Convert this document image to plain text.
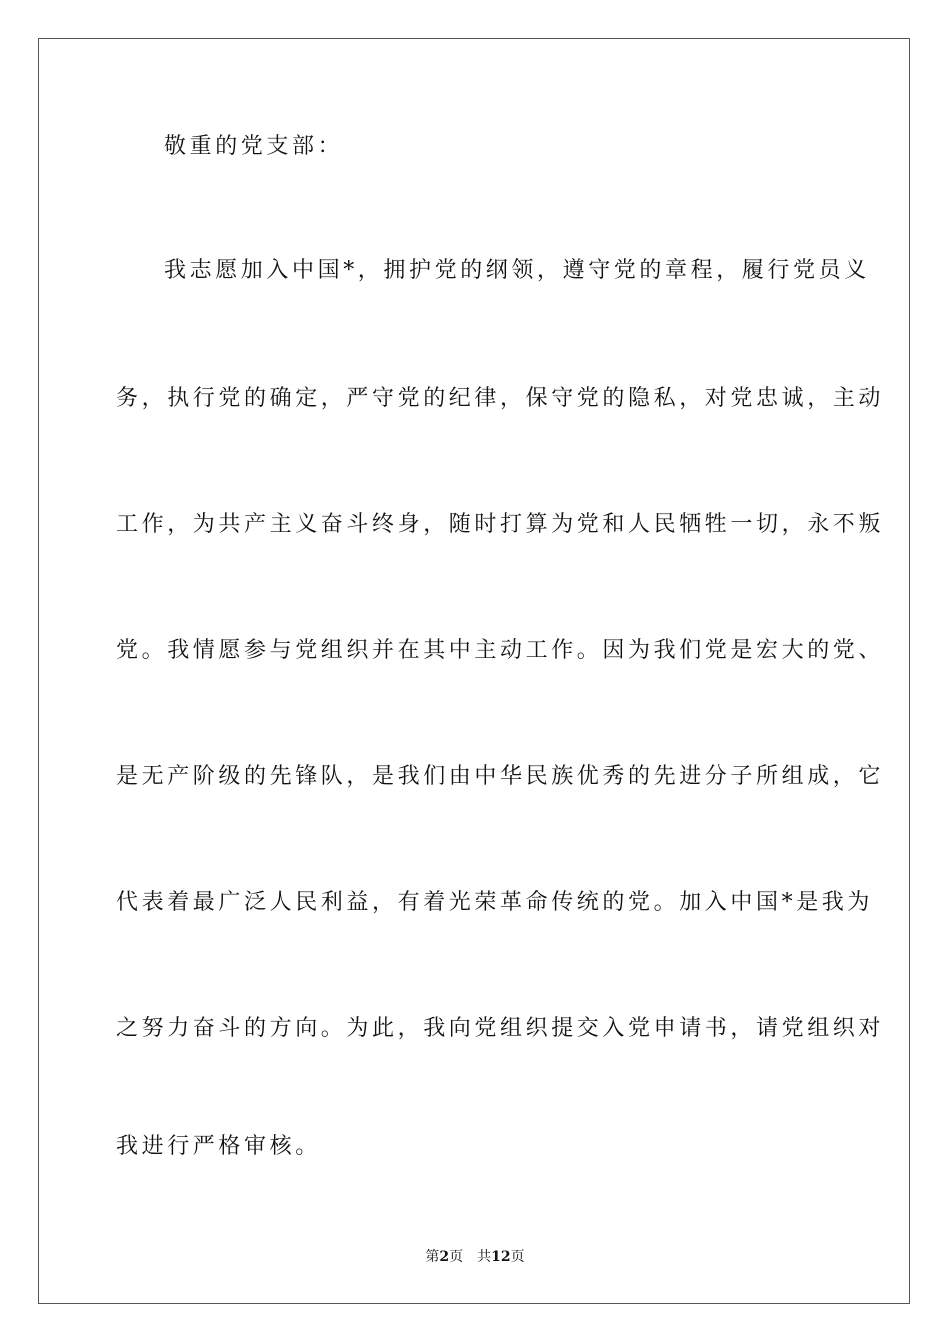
敬重的党支部：
我志愿加入中国*，拥护党的纲领，遵守党的章程，履行党员义
务，执行党的确定，严守党的纪律，保守党的隐私，对党忠诚，主动
工作，为共产主义奋斗终身，随时打算为党和人民牺牲一切，永不叛
党。我情愿参与党组织并在其中主动工作。因为我们党是宏大的党、
是无产阶级的先锋队，是我们由中华民族优秀的先进分子所组成，它
代表着最广泛人民利益，有着光荣革命传统的党。加入中国*是我为
之努力奋斗的方向。为此，我向党组织提交入党申请书，请党组织对
我进行严格审核。
第2页 共12页
